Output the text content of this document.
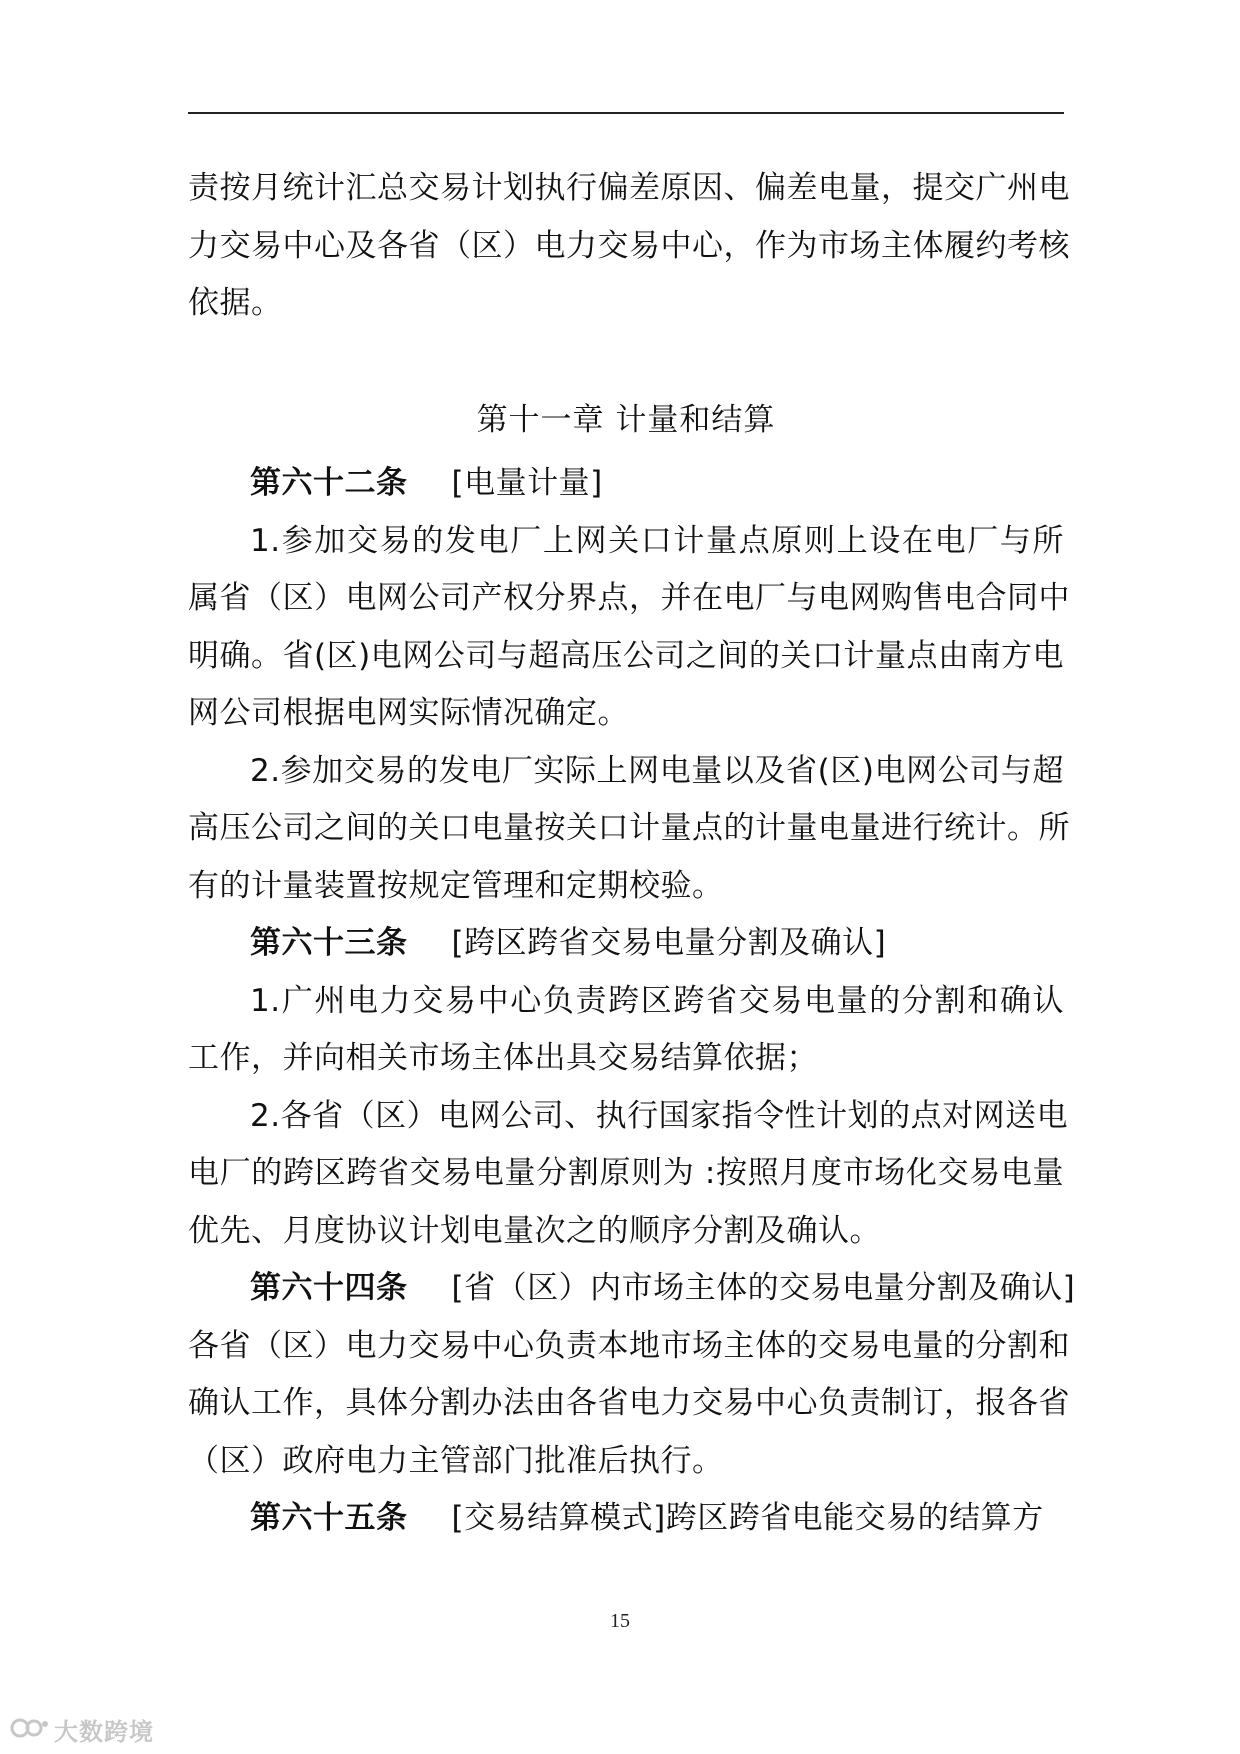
责按月统计汇总交易计划执行偏差原因、偏差电量，提交广州电

力交易中心及各省（区）电力交易中心，作为市场主体履约考核

依据。

第十一章 计量和结算

第六十二条 [电量计量]

1.参加交易的发电厂上网关口计量点原则上设在电厂与所

属省（区）电网公司产权分界点，并在电厂与电网购售电合同中

明确。省(区)电网公司与超高压公司之间的关口计量点由南方电

网公司根据电网实际情况确定。

2.参加交易的发电厂实际上网电量以及省(区)电网公司与超

高压公司之间的关口电量按关口计量点的计量电量进行统计。所

有的计量装置按规定管理和定期校验。

第六十三条 [跨区跨省交易电量分割及确认]

1.广州电力交易中心负责跨区跨省交易电量的分割和确认

工作，并向相关市场主体出具交易结算依据；

2.各省（区）电网公司、执行国家指令性计划的点对网送电

电厂的跨区跨省交易电量分割原则为 :按照月度市场化交易电量

优先、月度协议计划电量次之的顺序分割及确认。

第六十四条 [省（区）内市场主体的交易电量分割及确认]

各省（区）电力交易中心负责本地市场主体的交易电量的分割和

确认工作，具体分割办法由各省电力交易中心负责制订，报各省

（区）政府电力主管部门批准后执行。

第六十五条 [交易结算模式]跨区跨省电能交易的结算方

15
大数跨境
